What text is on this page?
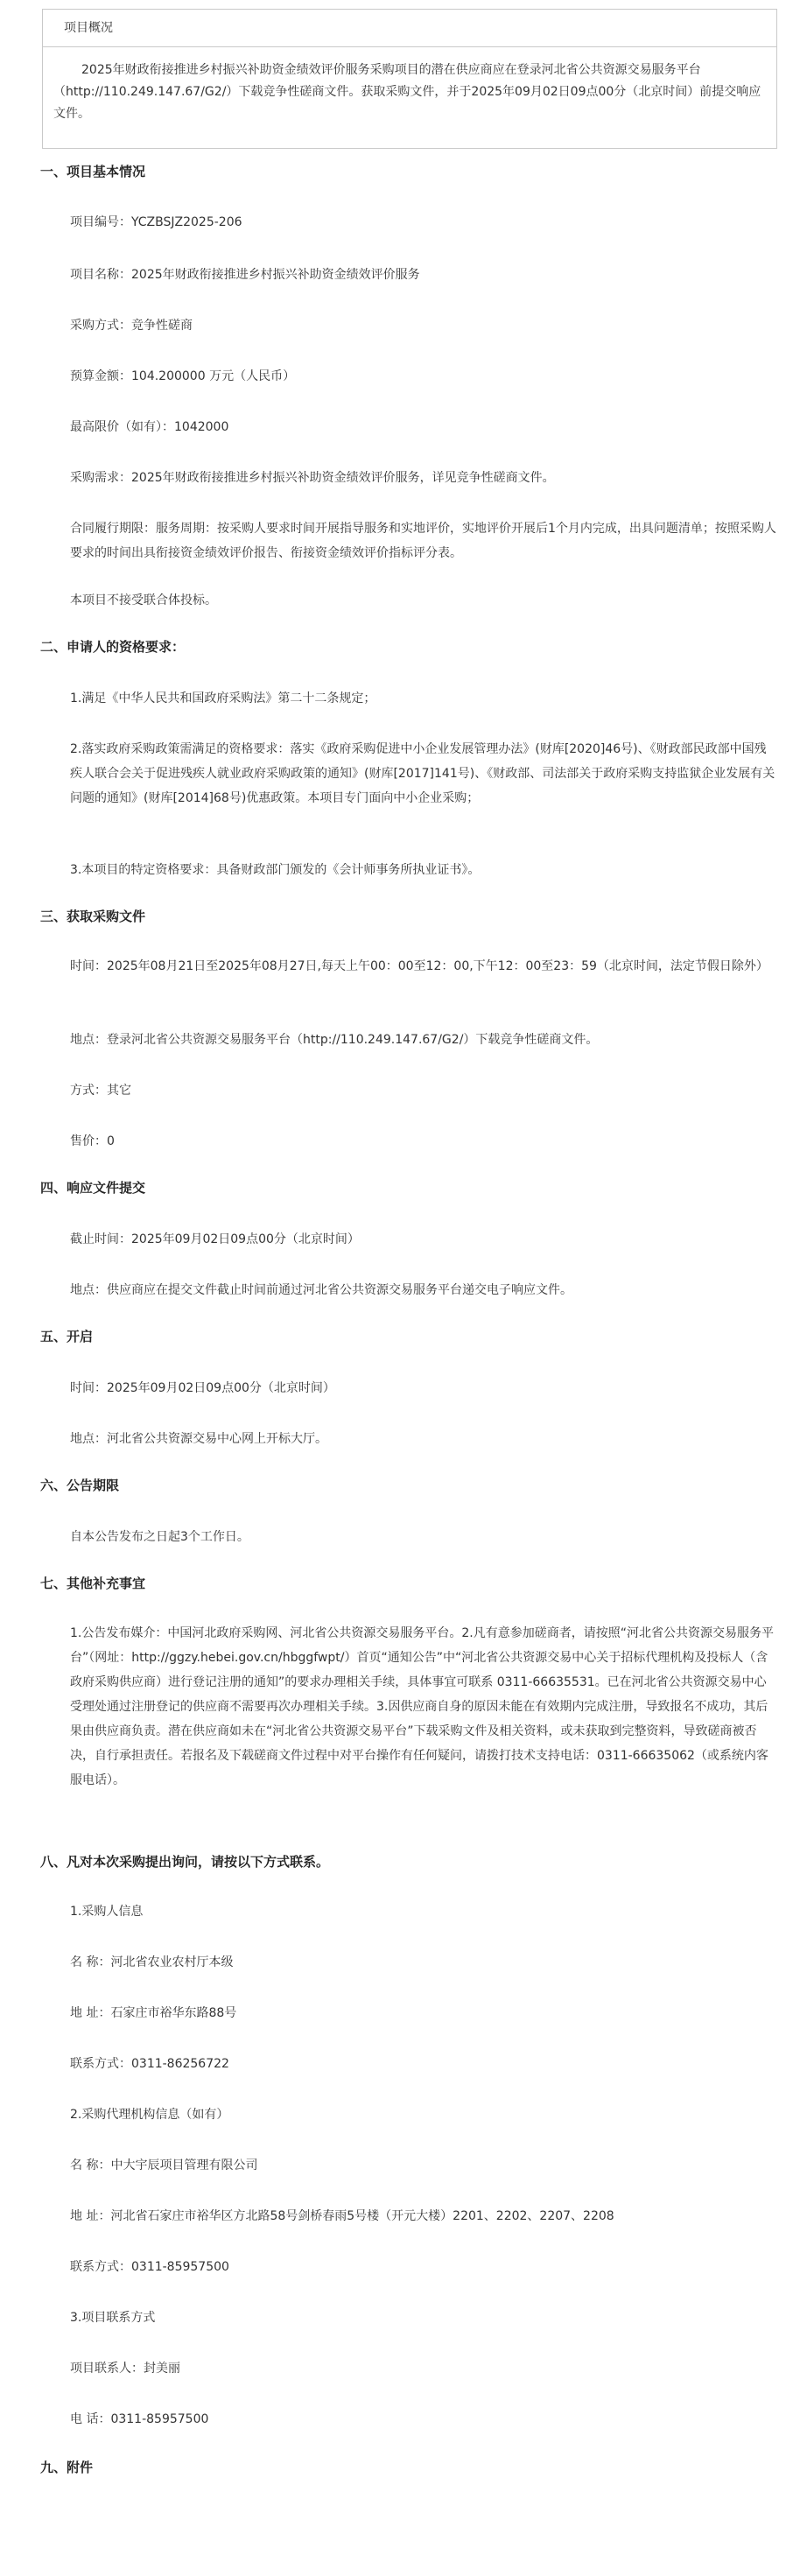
项目概况
2025年财政衔接推进乡村振兴补助资金绩效评价服务采购项目的潜在供应商应在登录河北省公共资源交易服务平台（http://110.249.147.67/G2/）下载竞争性磋商文件。获取采购文件，并于2025年09月02日09点00分（北京时间）前提交响应文件。
一、项目基本情况
项目编号：YCZBSJZ2025-206
项目名称：2025年财政衔接推进乡村振兴补助资金绩效评价服务
采购方式：竞争性磋商
预算金额：104.200000 万元（人民币）
最高限价（如有）：1042000
采购需求：2025年财政衔接推进乡村振兴补助资金绩效评价服务，详见竞争性磋商文件。
合同履行期限：服务周期：按采购人要求时间开展指导服务和实地评价，实地评价开展后1个月内完成，出具问题清单；按照采购人要求的时间出具衔接资金绩效评价报告、衔接资金绩效评价指标评分表。
本项目不接受联合体投标。
二、申请人的资格要求：
1.满足《中华人民共和国政府采购法》第二十二条规定；
2.落实政府采购政策需满足的资格要求：落实《政府采购促进中小企业发展管理办法》(财库[2020]46号)、《财政部民政部中国残疾人联合会关于促进残疾人就业政府采购政策的通知》(财库[2017]141号)、《财政部、司法部关于政府采购支持监狱企业发展有关问题的通知》(财库[2014]68号)优惠政策。本项目专门面向中小企业采购；
3.本项目的特定资格要求：具备财政部门颁发的《会计师事务所执业证书》。
三、获取采购文件
时间：2025年08月21日至2025年08月27日,每天上午00：00至12：00,下午12：00至23：59（北京时间，法定节假日除外）
地点：登录河北省公共资源交易服务平台（http://110.249.147.67/G2/）下载竞争性磋商文件。
方式：其它
售价：0
四、响应文件提交
截止时间：2025年09月02日09点00分（北京时间）
地点：供应商应在提交文件截止时间前通过河北省公共资源交易服务平台递交电子响应文件。
五、开启
时间：2025年09月02日09点00分（北京时间）
地点：河北省公共资源交易中心网上开标大厅。
六、公告期限
自本公告发布之日起3个工作日。
七、其他补充事宜
1.公告发布媒介：中国河北政府采购网、河北省公共资源交易服务平台。2.凡有意参加磋商者，请按照“河北省公共资源交易服务平台”（网址：http://ggzy.hebei.gov.cn/hbggfwpt/）首页“通知公告”中“河北省公共资源交易中心关于招标代理机构及投标人（含政府采购供应商）进行登记注册的通知”的要求办理相关手续，具体事宜可联系 0311-66635531。已在河北省公共资源交易中心受理处通过注册登记的供应商不需要再次办理相关手续。3.因供应商自身的原因未能在有效期内完成注册，导致报名不成功，其后果由供应商负责。潜在供应商如未在“河北省公共资源交易平台”下载采购文件及相关资料，或未获取到完整资料，导致磋商被否决，自行承担责任。若报名及下载磋商文件过程中对平台操作有任何疑问，请拨打技术支持电话：0311-66635062（或系统内客服电话）。
八、凡对本次采购提出询问，请按以下方式联系。
1.采购人信息
名 称：河北省农业农村厅本级
地 址：石家庄市裕华东路88号
联系方式：0311-86256722
2.采购代理机构信息（如有）
名 称：中大宇辰项目管理有限公司
地 址：河北省石家庄市裕华区方北路58号剑桥春雨5号楼（开元大楼）2201、2202、2207、2208
联系方式：0311-85957500
3.项目联系方式
项目联系人：封美丽
电 话：0311-85957500
九、附件
